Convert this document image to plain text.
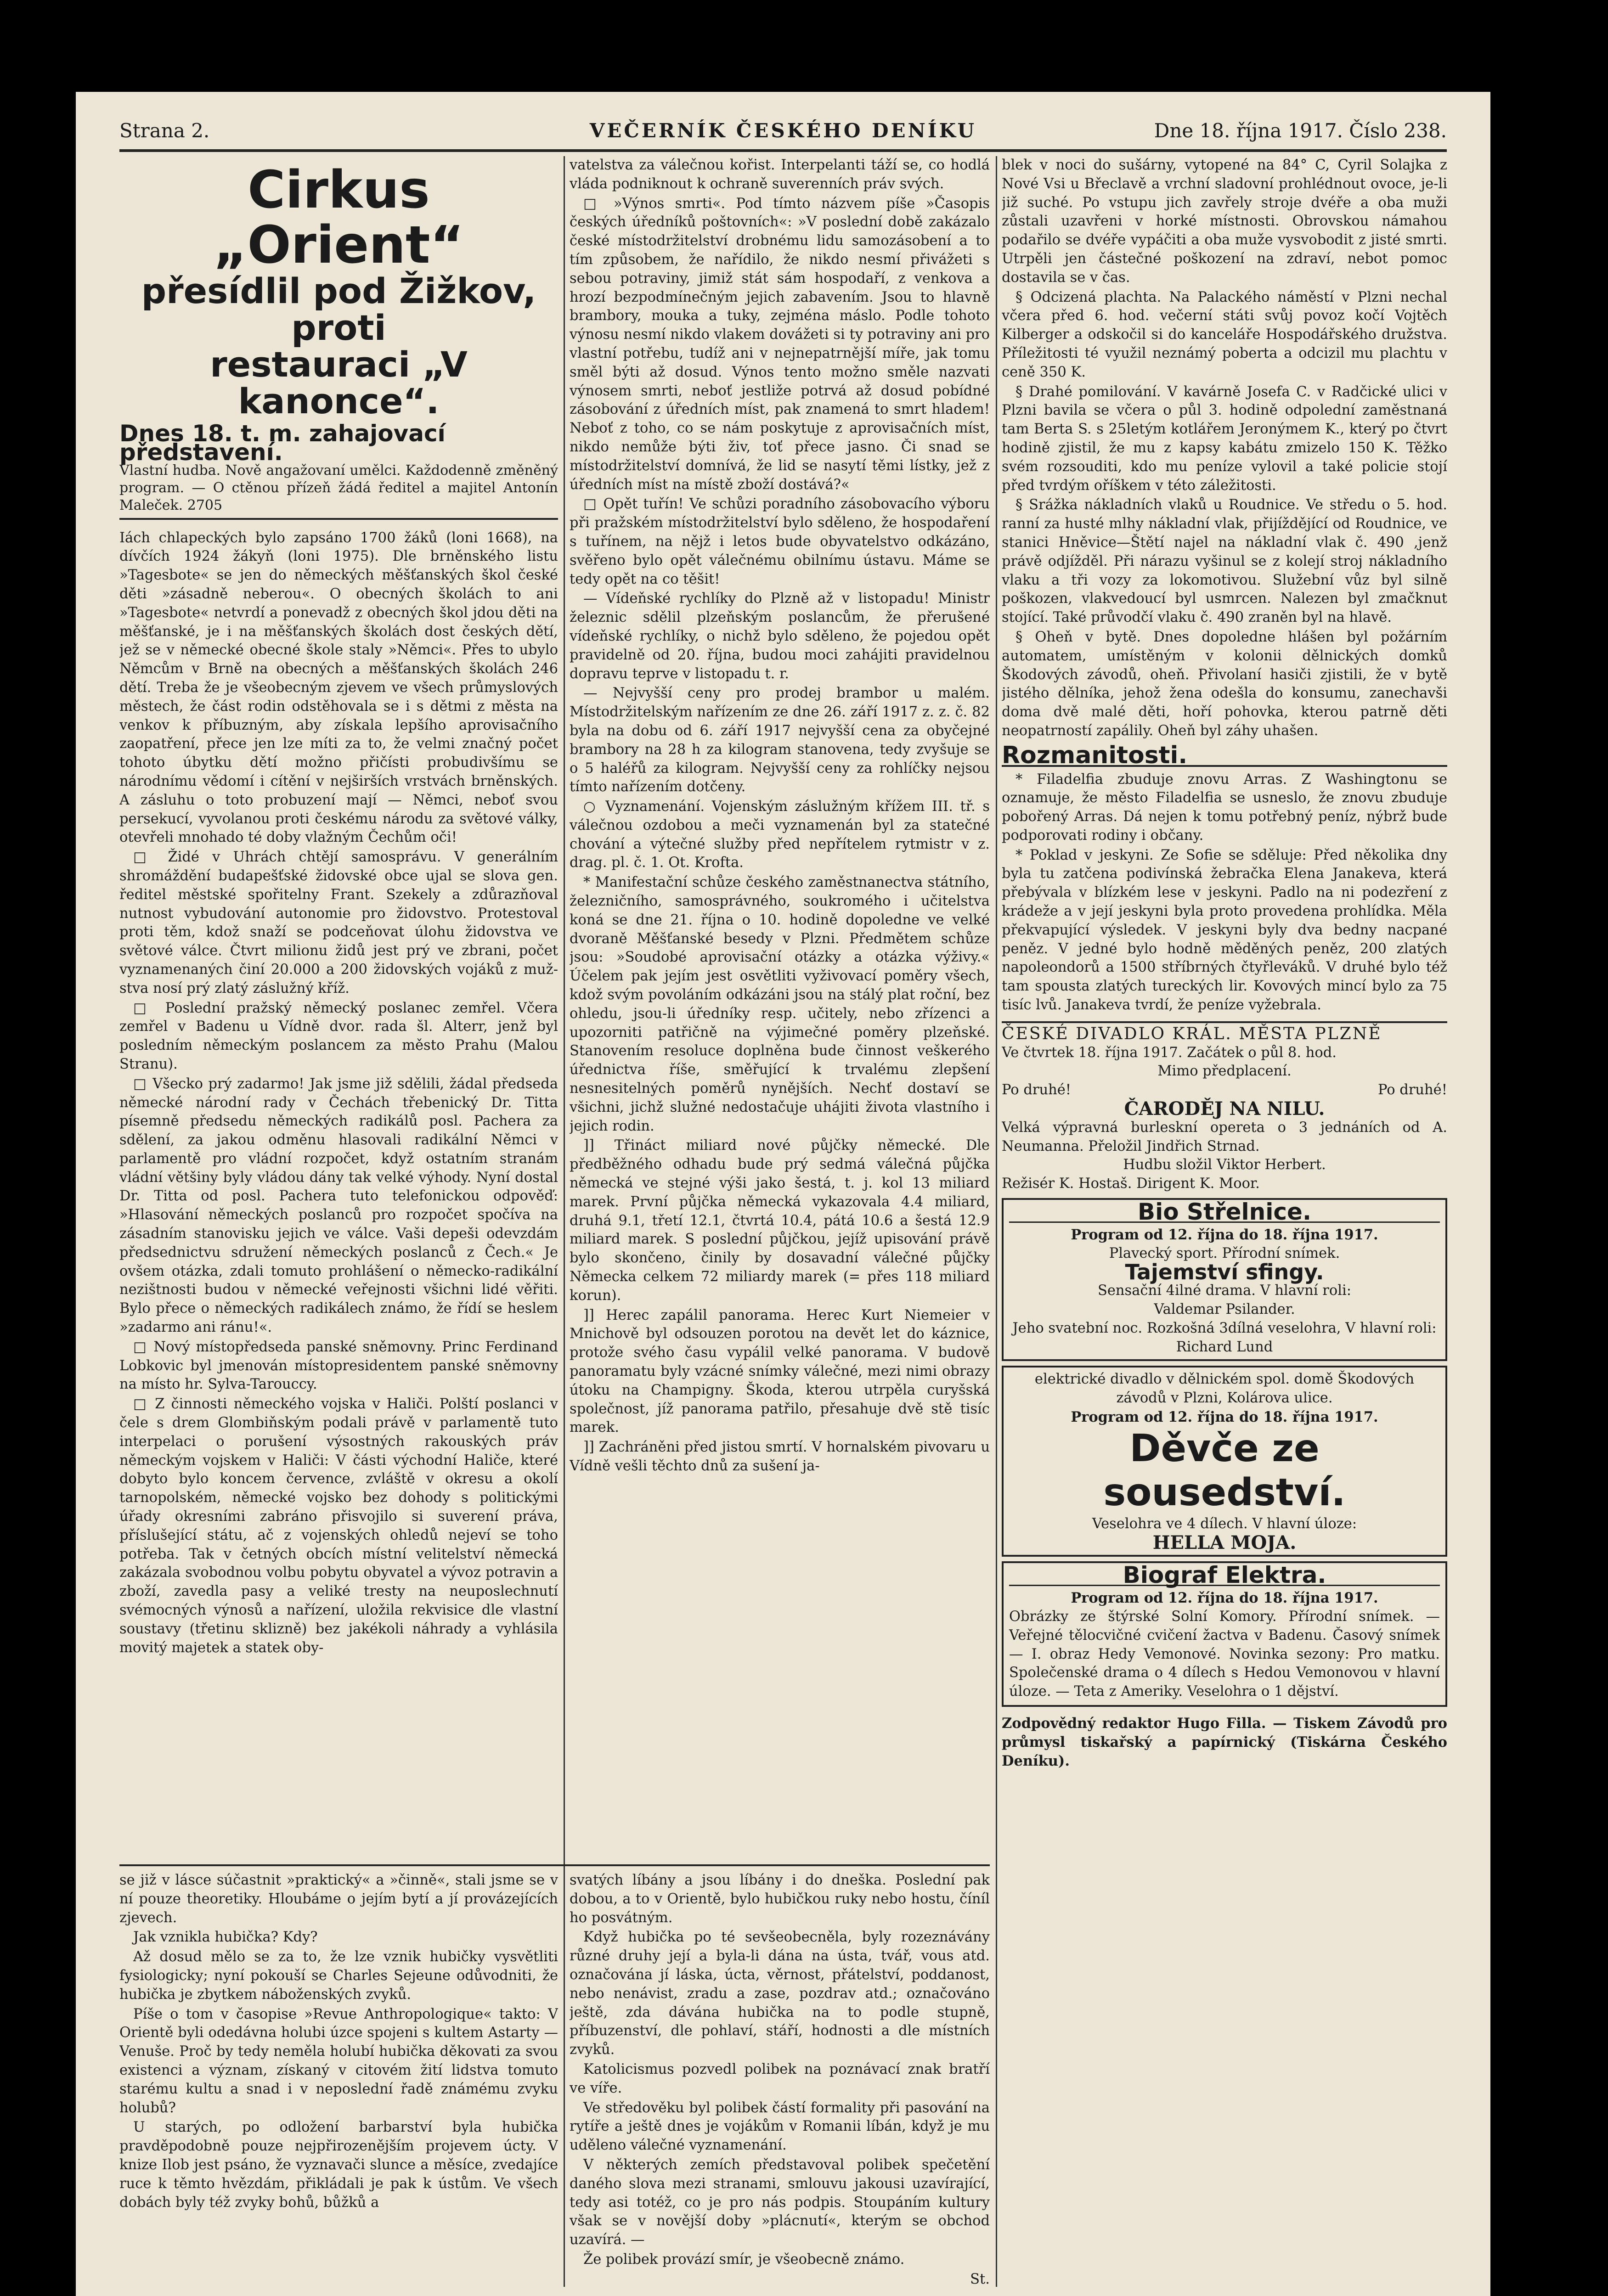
Strana 2.	VEČERNÍK ČESKÉHO DENÍKU	Dne 18. října 1917. Číslo 238.
Cirkus „Orient“
přesídlil pod Žižkov, proti
restauraci „V kanonce“.
Dnes 18. t. m. zahajovací představení.

Vlastní hudba. Nově angažovaní umělci. Každodenně změněný program. — O ctěnou přízeň žádá ředitel a majitel Antonín Maleček. 2705

Iách chlapeckých bylo zapsáno 1700 žáků (loni 1668), na dívčích 1924 žákyň (loni 1975). Dle brněnského listu »Tagesbote« se jen do německých měšťanských škol české děti »zásadně neberou«. O obecných školách to ani »Tagesbote« netvrdí a ponevadž z obecných škol jdou děti na měšťanské, je i na měšťanských školách dost českých dětí, jež se v německé obecné škole staly »Němci«. Přes to ubylo Němcům v Brně na obecných a měšťanských školách 246 dětí. Treba že je všeobecným zjevem ve všech průmyslových městech, že část rodin odstěhovala se i s dětmi z města na venkov k příbuzným, aby získala lepšího aprovisačního zaopatření, přece jen lze míti za to, že velmi značný počet tohoto úbytku dětí možno přičísti probudivšímu se národnímu vědomí i cítění v nejširších vrstvách brněnských. A zásluhu o toto probuzení mají — Němci, neboť svou persekucí, vyvolanou proti českému národu za světové války, otevřeli mnohado té doby vlažným Čechům oči!

□ Židé v Uhrách chtějí samosprávu. V generálním shromáždění budapešťské židovské obce ujal se slova gen. ředitel městské spořitelny Frant. Szekely a zdůrazňoval nutnost vybudování autonomie pro židovstvo. Protestoval proti těm, kdož snaží se podceňovat úlohu židovstva ve světové válce. Čtvrt milionu židů jest prý ve zbrani, počet vyznamenaných činí 20.000 a 200 židovských vojáků z mužstva nosí prý zlatý záslužný kříž.

□ Poslední pražský německý poslanec zemřel. Včera zemřel v Badenu u Vídně dvor. rada šl. Alterr, jenž byl posledním německým poslancem za město Prahu (Malou Stranu).

□ Všecko prý zadarmo! Jak jsme již sdělili, žádal předseda německé národní rady v Čechách třebenický Dr. Titta písemně předsedu německých radikálů posl. Pachera za sdělení, za jakou odměnu hlasovali radikální Němci v parlamentě pro vládní rozpočet, když ostatním stranám vládní většiny byly vládou dány tak velké výhody. Nyní dostal Dr. Titta od posl. Pachera tuto telefonickou odpověď: »Hlasování německých poslanců pro rozpočet spočíva na zásadním stanovisku jejich ve válce. Vaši depeši odevzdám předsednictvu sdružení německých poslanců z Čech.« Je ovšem otázka, zdali tomuto prohlášení o německo-radikální nezištnosti budou v německé veřejnosti všichni lidé věřiti. Bylo přece o německých radikálech známo, že řídí se heslem »zadarmo ani ránu!«.

□ Nový místopředseda panské sněmovny. Princ Ferdinand Lobkovic byl jmenován místopresidentem panské sněmovny na místo hr. Sylva-Tarouccy.

□ Z činnosti německého vojska v Haliči. Polští poslanci v čele s drem Glombiňským podali právě v parlamentě tuto interpelaci o porušení výsostných rakouských práv německým vojskem v Haliči: V části východní Haliče, které dobyto bylo koncem července, zvláště v okresu a okolí tarnopolském, německé vojsko bez dohody s politickými úřady okresními zabráno přisvojilo si suverení práva, příslušející státu, ač z vojenských ohledů nejeví se toho potřeba. Tak v četných obcích místní velitelství německá zakázala svobodnou volbu pobytu obyvatel a vývoz potravin a zboží, zavedla pasy a veliké tresty na neuposlechnutí svémocných výnosů a nařízení, uložila rekvisice dle vlastní soustavy (třetinu sklizně) bez jakékoli náhrady a vyhlásila movitý majetek a statek oby-

vatelstva za válečnou kořist. Interpelanti táží se, co hodlá vláda podniknout k ochraně suverenních práv svých.

□ »Výnos smrti«. Pod tímto názvem píše »Časopis českých úředníků poštovních«: »V poslední době zakázalo české místodržitelství drobnému lidu samozásobení a to tím způsobem, že nařídilo, že nikdo nesmí přivážeti s sebou potraviny, jimiž stát sám hospodaří, z venkova a hrozí bezpodmínečným jejich zabavením. Jsou to hlavně brambory, mouka a tuky, zejména máslo. Podle tohoto výnosu nesmí nikdo vlakem dovážeti si ty potraviny ani pro vlastní potřebu, tudíž ani v nejnepatrnější míře, jak tomu směl býti až dosud. Výnos tento možno směle nazvati výnosem smrti, neboť jestliže potrvá až dosud pobídné zásobování z úředních míst, pak znamená to smrt hladem! Neboť z toho, co se nám poskytuje z aprovisačních míst, nikdo nemůže býti živ, toť přece jasno. Či snad se místodržitelství domnívá, že lid se nasytí těmi lístky, jež z úředních míst na místě zboží dostává?«

□ Opět tuřín! Ve schůzi poradního zásobovacího výboru při pražském místodržitelství bylo sděleno, že hospodaření s tuřínem, na nějž i letos bude obyvatelstvo odkázáno, svěřeno bylo opět válečnému obilnímu ústavu. Máme se tedy opět na co těšit!

— Vídeňské rychlíky do Plzně až v listopadu! Ministr železnic sdělil plzeňským poslancům, že přerušené vídeňské rychlíky, o nichž bylo sděleno, že pojedou opět pravidelně od 20. října, budou moci zahájiti pravidelnou dopravu teprve v listopadu t. r.

— Nejvyšší ceny pro prodej brambor u malém. Místodržitelským nařízením ze dne 26. září 1917 z. z. č. 82 byla na dobu od 6. září 1917 nejvyšší cena za obyčejné brambory na 28 h za kilogram stanovena, tedy zvyšuje se o 5 haléřů za kilogram. Nejvyšší ceny za rohlíčky nejsou tímto nařízením dotčeny.

○ Vyznamenání. Vojenským záslužným křížem III. tř. s válečnou ozdobou a meči vyznamenán byl za statečné chování a výtečné služby před nepřítelem rytmistr v z. drag. pl. č. 1. Ot. Krofta.

* Manifestační schůze českého zaměstnanectva státního, železničního, samosprávného, soukromého i učitelstva koná se dne 21. října o 10. hodině dopoledne ve velké dvoraně Měšťanské besedy v Plzni. Předmětem schůze jsou: »Soudobé aprovisační otázky a otázka výživy.« Účelem pak jejím jest osvětliti vyživovací poměry všech, kdož svým povoláním odkázáni jsou na stálý plat roční, bez ohledu, jsou-li úředníky resp. učitely, nebo zřízenci a upozorniti patřičně na výjimečné poměry plzeňské. Stanovením resoluce doplněna bude činnost veškerého úřednictva říše, směřující k trvalému zlepšení nesnesitelných poměrů nynějších. Nechť dostaví se všichni, jichž služné nedostačuje uhájiti života vlastního i jejich rodin.

]] Třináct miliard nové půjčky německé. Dle předběžného odhadu bude prý sedmá válečná půjčka německá ve stejné výši jako šestá, t. j. kol 13 miliard marek. První půjčka německá vykazovala 4.4 miliard, druhá 9.1, třetí 12.1, čtvrtá 10.4, pátá 10.6 a šestá 12.9 miliard marek. S poslední půjčkou, jejíž upisování právě bylo skončeno, činily by dosavadní válečné půjčky Německa celkem 72 miliardy marek (= přes 118 miliard korun).

]] Herec zapálil panorama. Herec Kurt Niemeier v Mnichově byl odsouzen porotou na devět let do káznice, protože svého času vypálil velké panorama. V budově panoramatu byly vzácné snímky válečné, mezi nimi obrazy útoku na Champigny. Škoda, kterou utrpěla curyšská společnost, jíž panorama patřilo, přesahuje dvě stě tisíc marek.

]] Zachráněni před jistou smrtí. V hornalském pivovaru u Vídně vešli těchto dnů za sušení ja-

blek v noci do sušárny, vytopené na 84° C, Cyril Solajka z Nové Vsi u Břeclavě a vrchní sladovní prohlédnout ovoce, je-li již suché. Po vstupu jich zavřely stroje dvéře a oba muži zůstali uzavřeni v horké místnosti. Obrovskou námahou podařilo se dvéře vypáčiti a oba muže vysvobodit z jisté smrti. Utrpěli jen částečné poškození na zdraví, nebot pomoc dostavila se v čas.

§ Odcizená plachta. Na Palackého náměstí v Plzni nechal včera před 6. hod. večerní státi svůj povoz kočí Vojtěch Kilberger a odskočil si do kanceláře Hospodářského družstva. Příležitosti té využil neznámý poberta a odcizil mu plachtu v ceně 350 K.

§ Drahé pomilování. V kavárně Josefa C. v Radčické ulici v Plzni bavila se včera o půl 3. hodině odpolední zaměstnaná tam Berta S. s 25letým kotlářem Jeronýmem K., který po čtvrt hodině zjistil, že mu z kapsy kabátu zmizelo 150 K. Těžko svém rozsouditi, kdo mu peníze vylovil a také policie stojí před tvrdým oříškem v této záležitosti.

§ Srážka nákladních vlaků u Roudnice. Ve středu o 5. hod. ranní za husté mlhy nákladní vlak, přijíždějící od Roudnice, ve stanici Hněvice—Štětí najel na nákladní vlak č. 490 ,jenž právě odjížděl. Při nárazu vyšinul se z kolejí stroj nákladního vlaku a tři vozy za lokomotivou. Služební vůz byl silně poškozen, vlakvedoucí byl usmrcen. Nalezen byl zmačknut stojící. Také průvodčí vlaku č. 490 zraněn byl na hlavě.

§ Oheň v bytě. Dnes dopoledne hlášen byl požárním automatem, umístěným v kolonii dělnických domků Škodových závodů, oheň. Přivolaní hasiči zjistili, že v bytě jistého dělníka, jehož žena odešla do konsumu, zanechavši doma dvě malé děti, hoří pohovka, kterou patrně děti neopatrností zapálily. Oheň byl záhy uhašen.

Rozmanitosti.

* Filadelfia zbuduje znovu Arras. Z Washingtonu se oznamuje, že město Filadelfia se usneslo, že znovu zbuduje pobořený Arras. Dá nejen k tomu potřebný peníz, nýbrž bude podporovati rodiny i občany.

* Poklad v jeskyni. Ze Sofie se sděluje: Před několika dny byla tu zatčena podivínská žebračka Elena Janakeva, která přebývala v blízkém lese v jeskyni. Padlo na ni podezření z krádeže a v její jeskyni byla proto provedena prohlídka. Měla překvapující výsledek. V jeskyni byly dva bedny nacpané peněz. V jedné bylo hodně měděných peněz, 200 zlatých napoleondorů a 1500 stříbrných čtyřleváků. V druhé bylo též tam spousta zlatých tureckých lir. Kovových mincí bylo za 75 tisíc lvů. Janakeva tvrdí, že peníze vyžebrala.

ČESKÉ DIVADLO KRÁL. MĚSTA PLZNĚ
Ve čtvrtek 18. října 1917. Začátek o půl 8. hod.
Mimo předplacení.
Po druhé!	Po druhé!
ČARODĚJ NA NILU.
Velká výpravná burleskní opereta o 3 jednáních od A. Neumanna. Přeložil Jindřich Strnad.
Hudbu složil Viktor Herbert.
Režisér K. Hostaš. Dirigent K. Moor.
Bio Střelnice.
Program od 12. října do 18. října 1917.
Plavecký sport. Přírodní snímek.
Tajemství sfingy.
Sensační 4ilné drama. V hlavní roli:
Valdemar Psilander.
Jeho svatební noc. Rozkošná 3dílná veselohra, V hlavní roli: Richard Lund
elektrické divadlo v dělnickém spol. domě Škodových závodů v Plzni, Kolárova ulice.
Program od 12. října do 18. října 1917.
Děvče ze sousedství.
Veselohra ve 4 dílech. V hlavní úloze:
HELLA MOJA.
Biograf Elektra.
Program od 12. října do 18. října 1917.

Obrázky ze štýrské Solní Komory. Přírodní snímek. — Veřejné tělocvičné cvičení žactva v Badenu. Časový snímek — I. obraz Hedy Vemonové. Novinka sezony: Pro matku. Společenské drama o 4 dílech s Hedou Vemonovou v hlavní úloze. — Teta z Ameriky. Veselohra o 1 dějství.

Zodpovědný redaktor Hugo Filla. — Tiskem Závodů pro průmysl tiskařský a papírnický (Tiskárna Českého Deníku).

se již v lásce súčastnit »praktický« a »činně«, stali jsme se v ní pouze theoretiky. Hloubáme o jejím bytí a jí provázejících zjevech.

Jak vznikla hubička? Kdy?

Až dosud mělo se za to, že lze vznik hubičky vysvětliti fysiologicky; nyní pokouší se Charles Sejeune odůvodniti, že hubička je zbytkem náboženských zvyků.

Píše o tom v časopise »Revue Anthropologique« takto: V Orientě byli odedávna holubi úzce spojeni s kultem Astarty — Venuše. Proč by tedy neměla holubí hubička děkovati za svou existenci a význam, získaný v citovém žití lidstva tomuto starému kultu a snad i v neposlední řadě známému zvyku holubů?

U starých, po odložení barbarství byla hubička pravděpodobně pouze nejpřirozenějším projevem úcty. V knize Ilob jest psáno, že vyznavači slunce a měsíce, zvedajíce ruce k těmto hvězdám, přikládali je pak k ústům. Ve všech dobách byly též zvyky bohů, bůžků a

svatých líbány a jsou líbány i do dneška. Poslední pak dobou, a to v Orientě, bylo hubičkou ruky nebo hostu, číníl ho posvátným.

Když hubička po té sevšeobecněla, byly rozeznávány různé druhy její a byla-li dána na ústa, tvář, vous atd. označována jí láska, úcta, věrnost, přátelství, poddanost, nebo nenávist, zradu a zase, pozdrav atd.; označováno ještě, zda dávána hubička na to podle stupně, příbuzenství, dle pohlaví, stáří, hodnosti a dle místních zvyků.

Katolicismus pozvedl polibek na poznávací znak bratří ve víře.

Ve středověku byl polibek částí formality při pasování na rytíře a ještě dnes je vojákům v Romanii líbán, když je mu uděleno válečné vyznamenání.

V některých zemích představoval polibek spečetění daného slova mezi stranami, smlouvu jakousi uzavírající, tedy asi totéž, co je pro nás podpis. Stoupáním kultury však se v novější doby »plácnutí«, kterým se obchod uzavírá. —

Že polibek provází smír, je všeobecně známo.

St.
